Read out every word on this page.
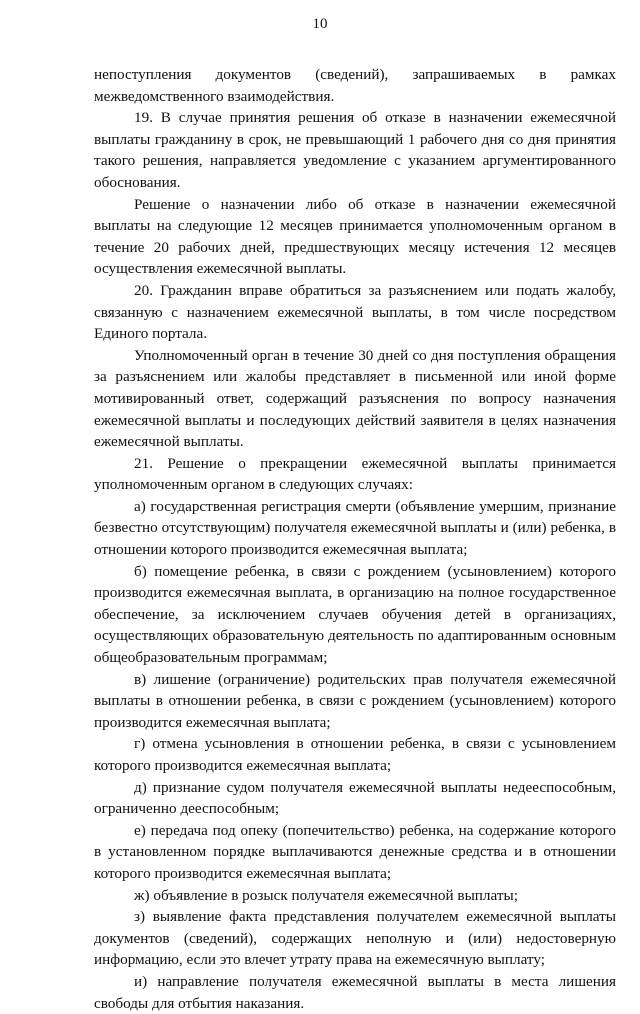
10

непоступления документов (сведений), запрашиваемых в рамках межведомственного взаимодействия.

19. В случае принятия решения об отказе в назначении ежемесячной выплаты гражданину в срок, не превышающий 1 рабочего дня со дня принятия такого решения, направляется уведомление с указанием аргументированного обоснования.

Решение о назначении либо об отказе в назначении ежемесячной выплаты на следующие 12 месяцев принимается уполномоченным органом в течение 20 рабочих дней, предшествующих месяцу истечения 12 месяцев осуществления ежемесячной выплаты.

20. Гражданин вправе обратиться за разъяснением или подать жалобу, связанную с назначением ежемесячной выплаты, в том числе посредством Единого портала.

Уполномоченный орган в течение 30 дней со дня поступления обращения за разъяснением или жалобы представляет в письменной или иной форме мотивированный ответ, содержащий разъяснения по вопросу назначения ежемесячной выплаты и последующих действий заявителя в целях назначения ежемесячной выплаты.

21. Решение о прекращении ежемесячной выплаты принимается уполномоченным органом в следующих случаях:

а) государственная регистрация смерти (объявление умершим, признание безвестно отсутствующим) получателя ежемесячной выплаты и (или) ребенка, в отношении которого производится ежемесячная выплата;

б) помещение ребенка, в связи с рождением (усыновлением) которого производится ежемесячная выплата, в организацию на полное государственное обеспечение, за исключением случаев обучения детей в организациях, осуществляющих образовательную деятельность по адаптированным основным общеобразовательным программам;

в) лишение (ограничение) родительских прав получателя ежемесячной выплаты в отношении ребенка, в связи с рождением (усыновлением) которого производится ежемесячная выплата;

г) отмена усыновления в отношении ребенка, в связи с усыновлением которого производится ежемесячная выплата;

д) признание судом получателя ежемесячной выплаты недееспособным, ограниченно дееспособным;

е) передача под опеку (попечительство) ребенка, на содержание которого в установленном порядке выплачиваются денежные средства и в отношении которого производится ежемесячная выплата;

ж) объявление в розыск получателя ежемесячной выплаты;

з) выявление факта представления получателем ежемесячной выплаты документов (сведений), содержащих неполную и (или) недостоверную информацию, если это влечет утрату права на ежемесячную выплату;

и) направление получателя ежемесячной выплаты в места лишения свободы для отбытия наказания.
